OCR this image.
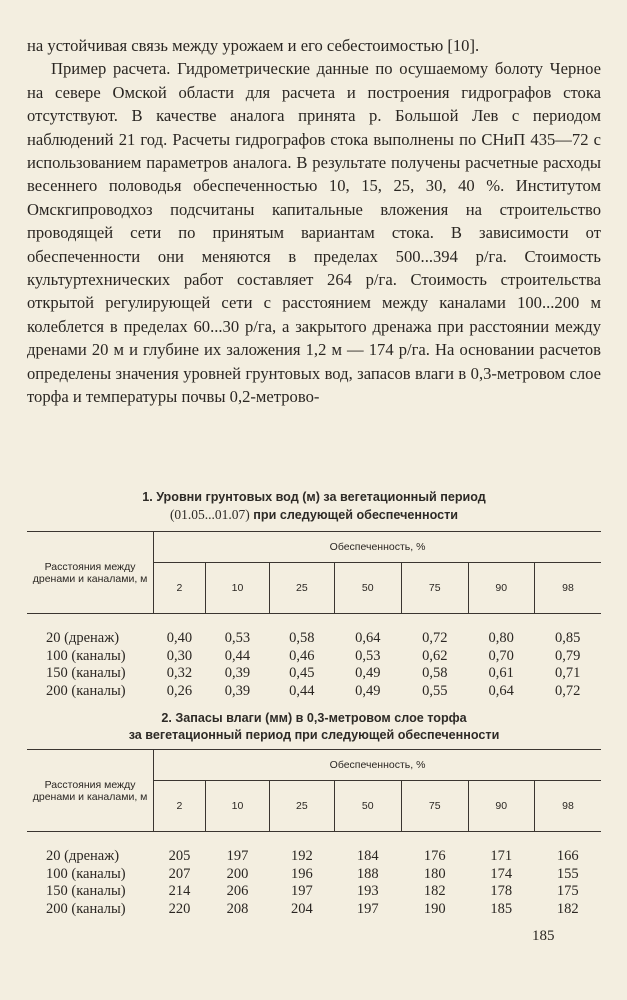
на устойчивая связь между урожаем и его себестоимостью [10].

Пример расчета. Гидрометрические данные по осушаемому болоту Черное на севере Омской области для расчета и построения гидрографов стока отсутствуют. В качестве аналога принята р. Большой Лев с периодом наблюдений 21 год. Расчеты гидрографов стока выполнены по СНиП 435—72 с использованием параметров аналога. В результате получены расчетные расходы весеннего половодья обеспеченностью 10, 15, 25, 30, 40 %. Институтом Омскгипроводхоз подсчитаны капитальные вложения на строительство проводящей сети по принятым вариантам стока. В зависимости от обеспеченности они меняются в пределах 500...394 р/га. Стоимость культуртехнических работ составляет 264 р/га. Стоимость строительства открытой регулирующей сети с расстоянием между каналами 100...200 м колеблется в пределах 60...30 р/га, а закрытого дренажа при расстоянии между дренами 20 м и глубине их заложения 1,2 м — 174 р/га. На основании расчетов определены значения уровней грунтовых вод, запасов влаги в 0,3-метровом слое торфа и температуры почвы 0,2-метрово-

1. Уровни грунтовых вод (м) за вегетационный период
(01.05...01.07) при следующей обеспеченности
Расстояния между дренами и каналами, м	Обеспеченность, %						
	2	10	25	50	75	90	98

20 (дренаж)	0,40	0,53	0,58	0,64	0,72	0,80	0,85
100 (каналы)	0,30	0,44	0,46	0,53	0,62	0,70	0,79
150 (каналы)	0,32	0,39	0,45	0,49	0,58	0,61	0,71
200 (каналы)	0,26	0,39	0,44	0,49	0,55	0,64	0,72
2. Запасы влаги (мм) в 0,3-метровом слое торфа
за вегетационный период при следующей обеспеченности
Расстояния между дренами и каналами, м	Обеспеченность, %						
	2	10	25	50	75	90	98

20 (дренаж)	205	197	192	184	176	171	166
100 (каналы)	207	200	196	188	180	174	155
150 (каналы)	214	206	197	193	182	178	175
200 (каналы)	220	208	204	197	190	185	182
185
